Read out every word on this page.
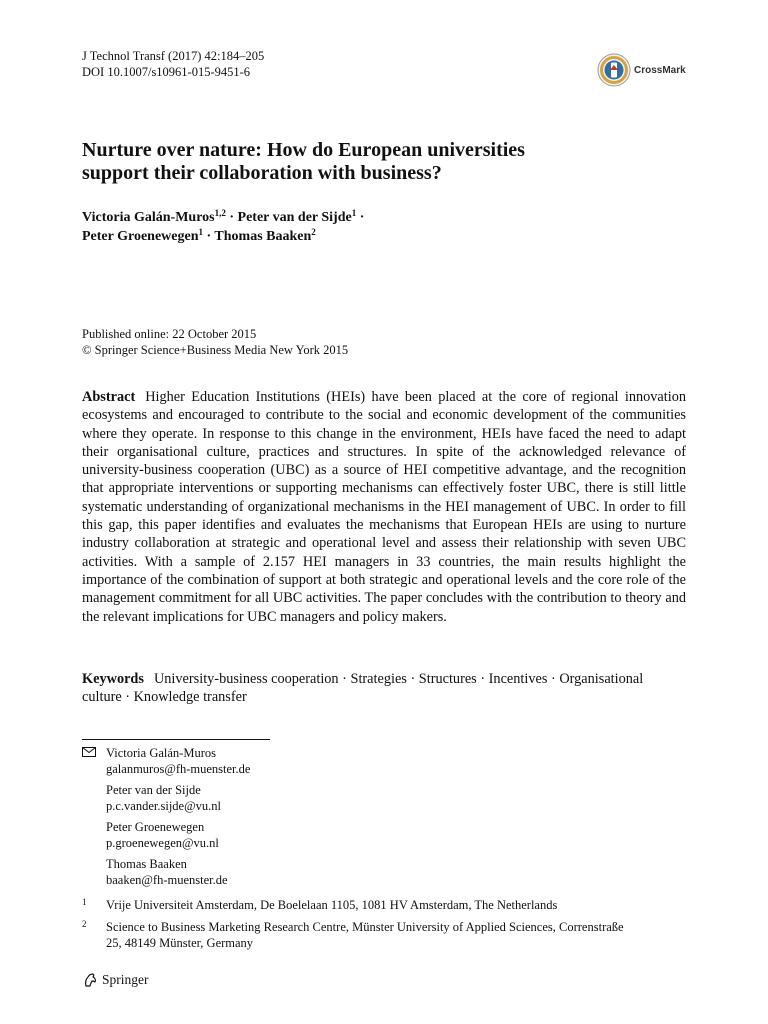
J Technol Transf (2017) 42:184–205
DOI 10.1007/s10961-015-9451-6	CrossMark
Nurture over nature: How do European universities
support their collaboration with business?
Victoria Galán-Muros$^{1,2}$ · Peter van der Sijde$^1$ ·
Peter Groenewegen$^1$ · Thomas Baaken$^2$
Published online: 22 October 2015
© Springer Science+Business Media New York 2015
Abstract Higher Education Institutions (HEIs) have been placed at the core of regional innovation ecosystems and encouraged to contribute to the social and economic development of the communities where they operate. In response to this change in the environment, HEIs have faced the need to adapt their organisational culture, practices and structures. In spite of the acknowledged relevance of university-business cooperation (UBC) as a source of HEI competitive advantage, and the recognition that appropriate interventions or supporting mechanisms can effectively foster UBC, there is still little systematic understanding of organizational mechanisms in the HEI management of UBC. In order to fill this gap, this paper identifies and evaluates the mechanisms that European HEIs are using to nurture industry collaboration at strategic and operational level and assess their relationship with seven UBC activities. With a sample of 2.157 HEI managers in 33 countries, the main results highlight the importance of the combination of support at both strategic and operational levels and the core role of the management commitment for all UBC activities. The paper concludes with the contribution to theory and the relevant implications for UBC managers and policy makers.
Keywords University-business cooperation · Strategies · Structures · Incentives · Organisational culture · Knowledge transfer
Victoria Galán-Muros
galanmuros@fh-muenster.de
Peter van der Sijde
p.c.vander.sijde@vu.nl
Peter Groenewegen
p.groenewegen@vu.nl
Thomas Baaken
baaken@fh-muenster.de
1 Vrije Universiteit Amsterdam, De Boelelaan 1105, 1081 HV Amsterdam, The Netherlands
2 Science to Business Marketing Research Centre, Münster University of Applied Sciences, Correnstraße 25, 48149 Münster, Germany
Springer
